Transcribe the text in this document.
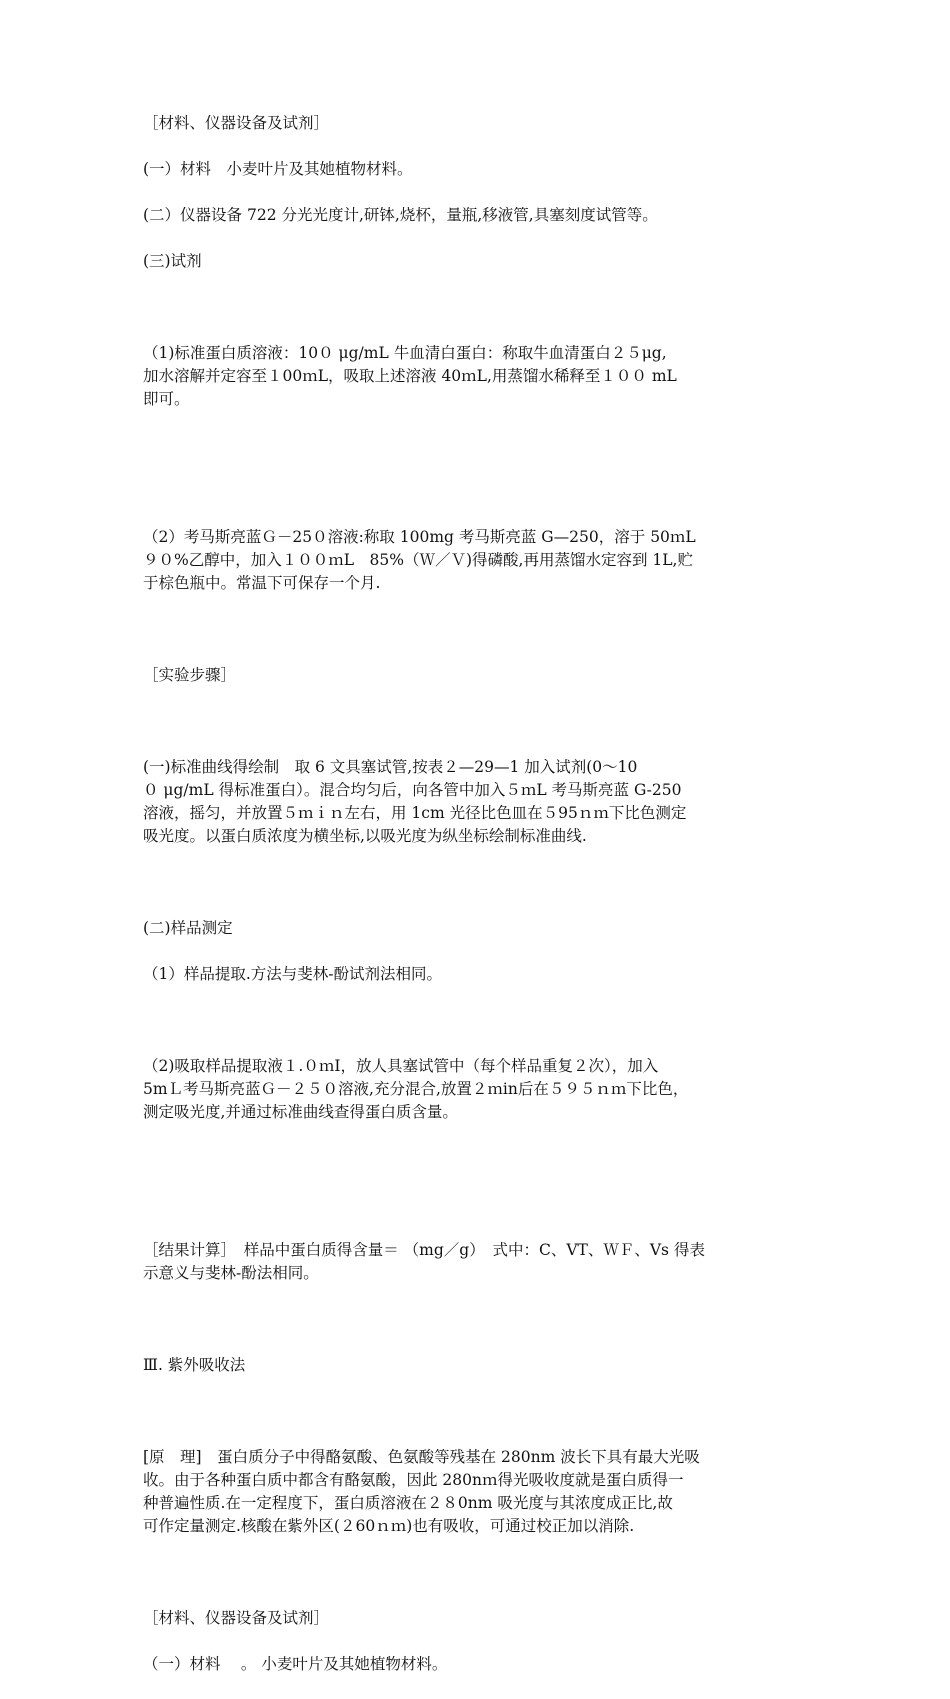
［材料、仪器设备及试剂］

(一）材料　小麦叶片及其她植物材料。

(二）仪器设备 722 分光光度计,研钵,烧杯，量瓶,移液管,具塞刻度试管等。

(三)试剂

（1)标准蛋白质溶液：10０ μg/mL 牛血清白蛋白：称取牛血清蛋白２５μg,
加水溶解并定容至１00ｍL，吸取上述溶液 40ｍL,用蒸馏水稀释至１００ mL
即可。

（2）考马斯亮蓝Ｇ－25０溶液:称取 100mg 考马斯亮蓝 G—250，溶于 50ｍL
９０%乙醇中，加入１００ｍL　85%（Ｗ／Ｖ)得磷酸,再用蒸馏水定容到 1L,贮
于棕色瓶中。常温下可保存一个月.

［实验步骤］

(一)标准曲线得绘制　取 6 文具塞试管,按表２—29—1 加入试剂(0～10
０ μg/mL 得标准蛋白）。混合均匀后，向各管中加入５ｍL 考马斯亮蓝 G-250
溶液，摇匀，并放置５ｍｉｎ左右，用 1cm 光径比色皿在５95ｎｍ下比色测定
吸光度。以蛋白质浓度为横坐标,以吸光度为纵坐标绘制标准曲线.

(二)样品测定

（1）样品提取.方法与斐林-酚试剂法相同。

（2)吸取样品提取液１.０ｍI，放人具塞试管中（每个样品重复２次），加入
5mＬ考马斯亮蓝Ｇ－２５０溶液,充分混合,放置２ｍin后在５９５ｎｍ下比色，
测定吸光度,并通过标准曲线查得蛋白质含量。

［结果计算］　样品中蛋白质得含量＝ （mg／g）　式中：C、VT、ＷＦ、Vs 得表
示意义与斐林-酚法相同。

Ⅲ. 紫外吸收法

[原　理]　蛋白质分子中得酪氨酸、色氨酸等残基在 280nm 波长下具有最大光吸
收。由于各种蛋白质中都含有酪氨酸，因此 280nｍ得光吸收度就是蛋白质得一
种普遍性质.在一定程度下，蛋白质溶液在２８0nm 吸光度与其浓度成正比,故
可作定量测定.核酸在紫外区(２60ｎｍ)也有吸收，可通过校正加以消除.

［材料、仪器设备及试剂］

（一）材料　 。 小麦叶片及其她植物材料。
